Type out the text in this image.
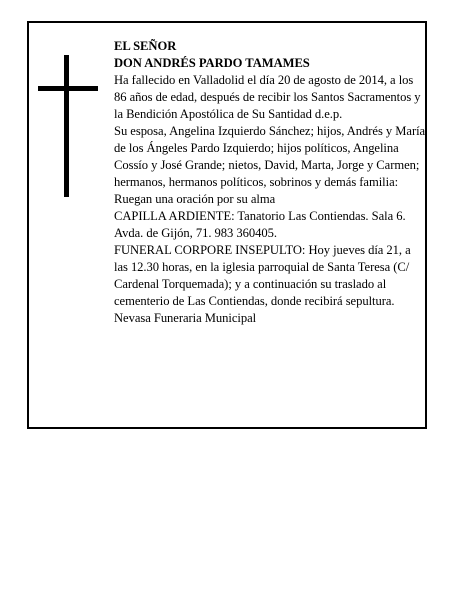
EL SEÑOR

DON ANDRÉS PARDO TAMAMES

Ha fallecido en Valladolid el día 20 de agosto de 2014, a los 86 años de edad, después de recibir los Santos Sacramentos y la Bendición Apostólica de Su Santidad d.e.p.

Su esposa, Angelina Izquierdo Sánchez; hijos, Andrés y María de los Ángeles Pardo Izquierdo; hijos políticos, Angelina Cossío y José Grande; nietos, David, Marta, Jorge y Carmen; hermanos, hermanos políticos, sobrinos y demás familia:

Ruegan una oración por su alma

CAPILLA ARDIENTE: Tanatorio Las Contiendas. Sala 6. Avda. de Gijón, 71. 983 360405.

FUNERAL CORPORE INSEPULTO: Hoy jueves día 21, a las 12.30 horas, en la iglesia parroquial de Santa Teresa (C/ Cardenal Torquemada); y a continuación su traslado al cementerio de Las Contiendas, donde recibirá sepultura.

Nevasa Funeraria Municipal
